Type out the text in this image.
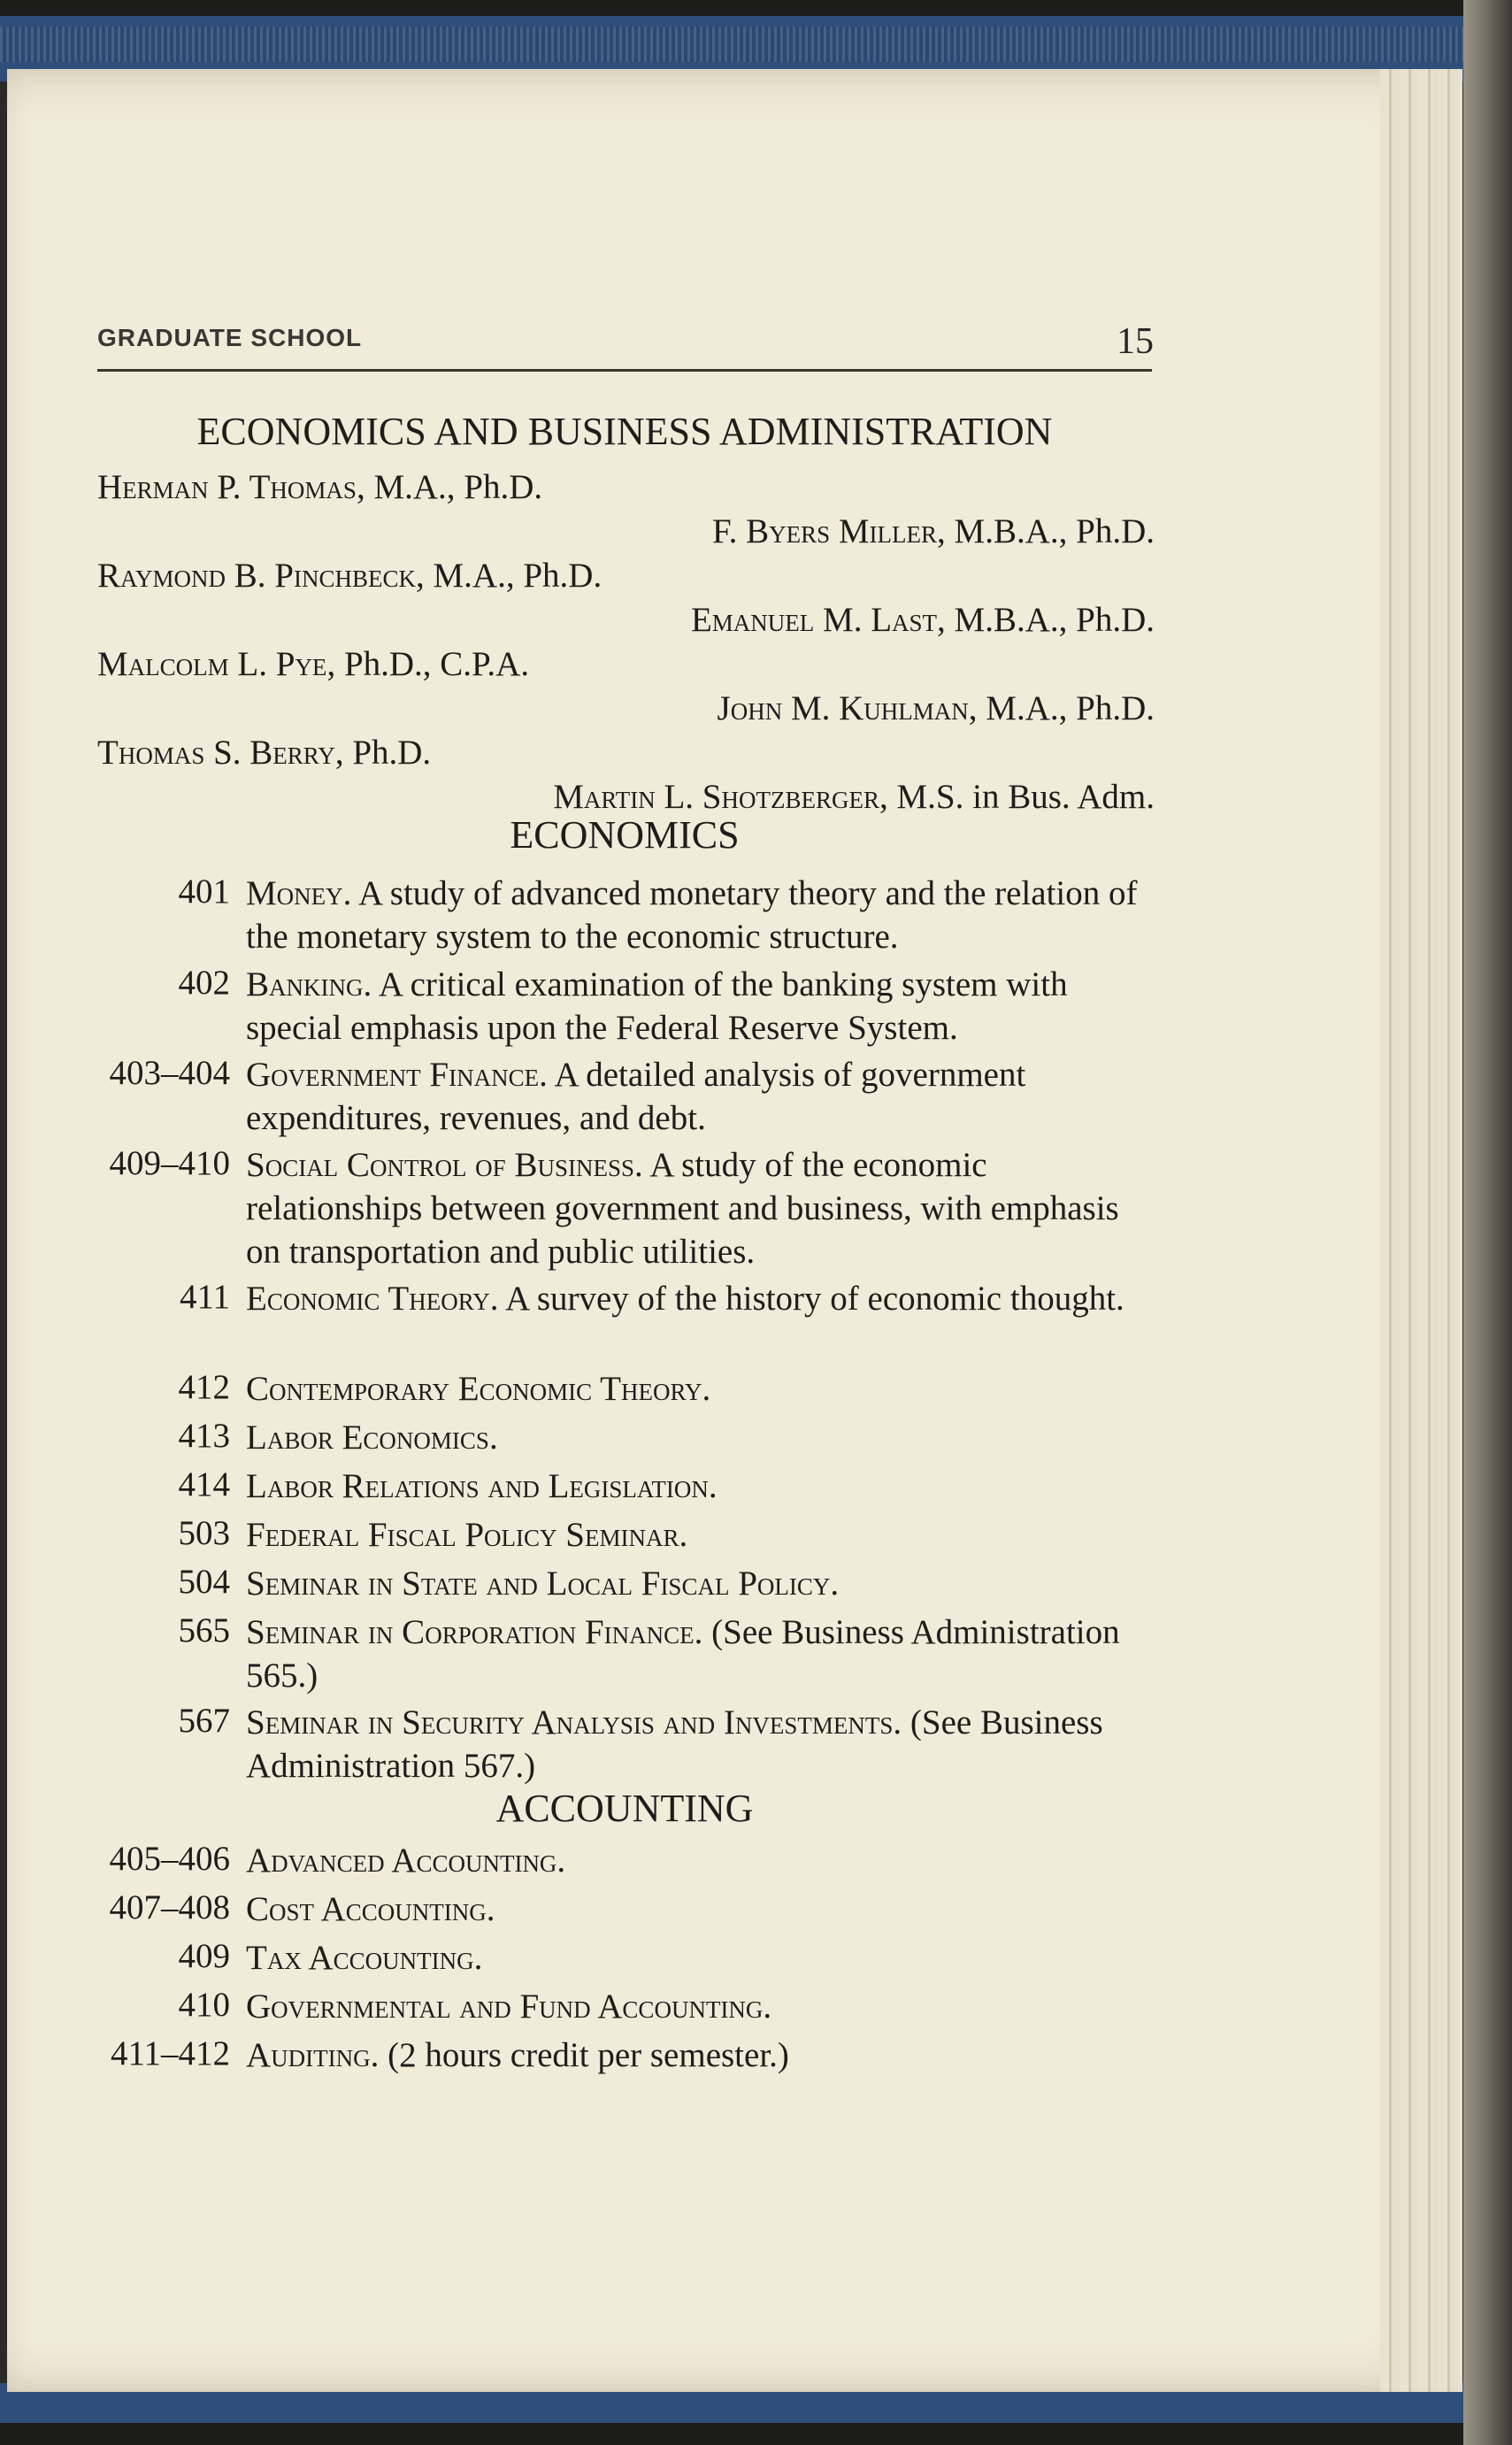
GRADUATE SCHOOL	15
ECONOMICS AND BUSINESS ADMINISTRATION
Herman P. Thomas, M.A., Ph.D.
F. Byers Miller, M.B.A., Ph.D.
Raymond B. Pinchbeck, M.A., Ph.D.
Emanuel M. Last, M.B.A., Ph.D.
Malcolm L. Pye, Ph.D., C.P.A.
John M. Kuhlman, M.A., Ph.D.
Thomas S. Berry, Ph.D.
Martin L. Shotzberger, M.S. in Bus. Adm.
ECONOMICS
401 Money. A study of advanced monetary theory and the relation of the monetary system to the economic structure.
402 Banking. A critical examination of the banking system with special emphasis upon the Federal Reserve System.
403–404 Government Finance. A detailed analysis of government expenditures, revenues, and debt.
409–410 Social Control of Business. A study of the economic relationships between government and business, with emphasis on transportation and public utilities.
411 Economic Theory. A survey of the history of economic thought.
412 Contemporary Economic Theory.
413 Labor Economics.
414 Labor Relations and Legislation.
503 Federal Fiscal Policy Seminar.
504 Seminar in State and Local Fiscal Policy.
565 Seminar in Corporation Finance. (See Business Administration 565.)
567 Seminar in Security Analysis and Investments. (See Business Administration 567.)
ACCOUNTING
405–406 Advanced Accounting.
407–408 Cost Accounting.
409 Tax Accounting.
410 Governmental and Fund Accounting.
411–412 Auditing. (2 hours credit per semester.)
